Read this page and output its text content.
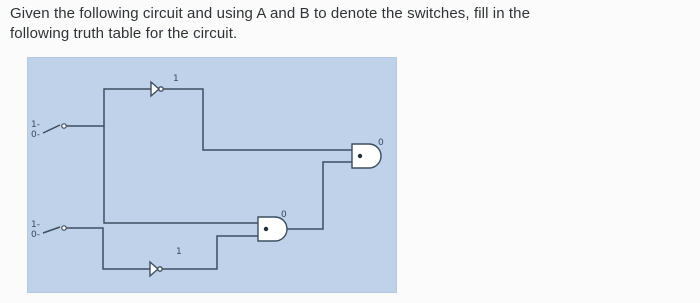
Given the following circuit and using A and B to denote the switches, fill in the
following truth table for the circuit.
1-
0-
1-
0-
1
1
0
0
